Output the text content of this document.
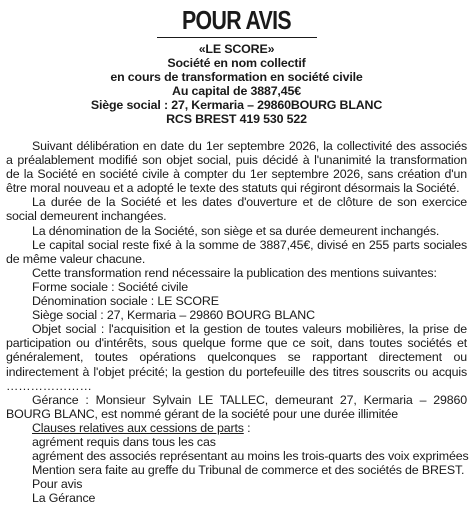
POUR AVIS
«LE SCORE»
Société en nom collectif
en cours de transformation en société civile
Au capital de 3887,45€
Siège social : 27, Kermaria – 29860BOURG BLANC
RCS BREST 419 530 522

Suivant délibération en date du 1er septembre 2026, la collectivité des associés a préalablement modifié son objet social, puis décidé à l'unanimité la transformation de la Société en société civile à compter du 1er septembre 2026, sans création d'un être moral nouveau et a adopté le texte des statuts qui régiront désormais la Société.

La durée de la Société et les dates d'ouverture et de clôture de son exercice social demeurent inchangées.

La dénomination de la Société, son siège et sa durée demeurent inchangés.

Le capital social reste fixé à la somme de 3887,45€, divisé en 255 parts sociales de même valeur chacune.

Cette transformation rend nécessaire la publication des mentions suivantes:

Forme sociale : Société civile

Dénomination sociale : LE SCORE

Siège social : 27, Kermaria – 29860 BOURG BLANC

Objet social : l'acquisition et la gestion de toutes valeurs mobilières, la prise de participation ou d'intérêts, sous quelque forme que ce soit, dans toutes sociétés et généralement, toutes opérations quelconques se rapportant directement ou indirectement à l'objet précité; la gestion du portefeuille des titres souscrits ou acquis …………………

Gérance : Monsieur Sylvain LE TALLEC, demeurant 27, Kermaria – 29860 BOURG BLANC, est nommé gérant de la société pour une durée illimitée

Clauses relatives aux cessions de parts :

agrément requis dans tous les cas

agrément des associés représentant au moins les trois-quarts des voix exprimées

Mention sera faite au greffe du Tribunal de commerce et des sociétés de BREST.

Pour avis

La Gérance
